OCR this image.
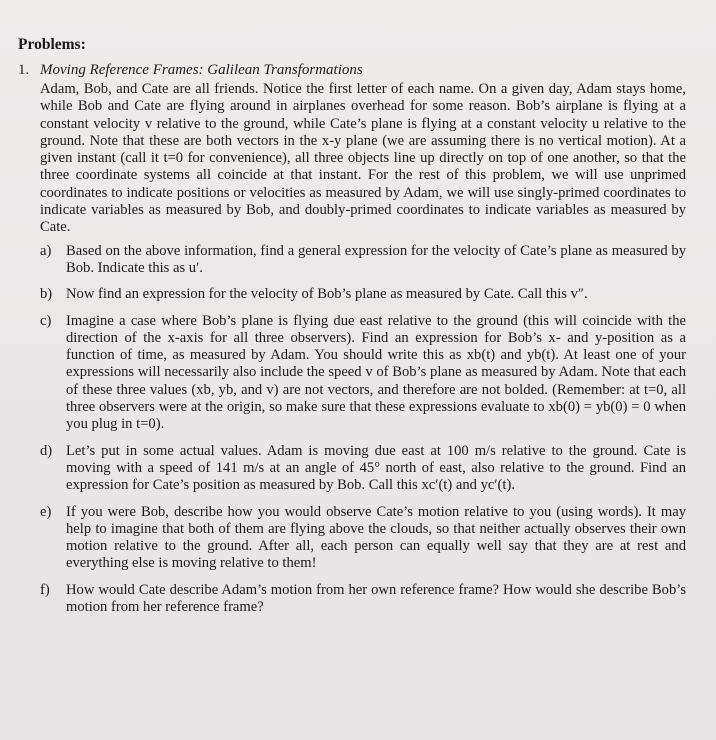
Problems:
1. Moving Reference Frames: Galilean Transformations
Adam, Bob, and Cate are all friends. Notice the first letter of each name. On a given day, Adam stays home, while Bob and Cate are flying around in airplanes overhead for some reason. Bob’s airplane is flying at a constant velocity v relative to the ground, while Cate’s plane is flying at a constant velocity u relative to the ground. Note that these are both vectors in the x-y plane (we are assuming there is no vertical motion). At a given instant (call it t=0 for convenience), all three objects line up directly on top of one another, so that the three coordinate systems all coincide at that instant. For the rest of this problem, we will use unprimed coordinates to indicate positions or velocities as measured by Adam, we will use singly-primed coordinates to indicate variables as measured by Bob, and doubly-primed coordinates to indicate variables as measured by Cate.
a)	Based on the above information, find a general expression for the velocity of Cate’s plane as measured by Bob. Indicate this as u′.
b) Now find an expression for the velocity of Bob’s plane as measured by Cate. Call this v″.
c)	Imagine a case where Bob’s plane is flying due east relative to the ground (this will coincide with the direction of the x-axis for all three observers). Find an expression for Bob’s x- and y-position as a function of time, as measured by Adam. You should write this as xb(t) and yb(t). At least one of your expressions will necessarily also include the speed v of Bob’s plane as measured by Adam. Note that each of these three values (xb, yb, and v) are not vectors, and therefore are not bolded. (Remember: at t=0, all three observers were at the origin, so make sure that these expressions evaluate to xb(0) = yb(0) = 0 when you plug in t=0).
d) Let’s put in some actual values. Adam is moving due east at 100 m/s relative to the ground. Cate is moving with a speed of 141 m/s at an angle of 45° north of east, also relative to the ground. Find an expression for Cate’s position as measured by Bob. Call this xc′(t) and yc′(t).
e)	If you were Bob, describe how you would observe Cate’s motion relative to you (using words). It may help to imagine that both of them are flying above the clouds, so that neither actually observes their own motion relative to the ground. After all, each person can equally well say that they are at rest and everything else is moving relative to them!
f)	How would Cate describe Adam’s motion from her own reference frame? How would she describe Bob’s motion from her reference frame?
